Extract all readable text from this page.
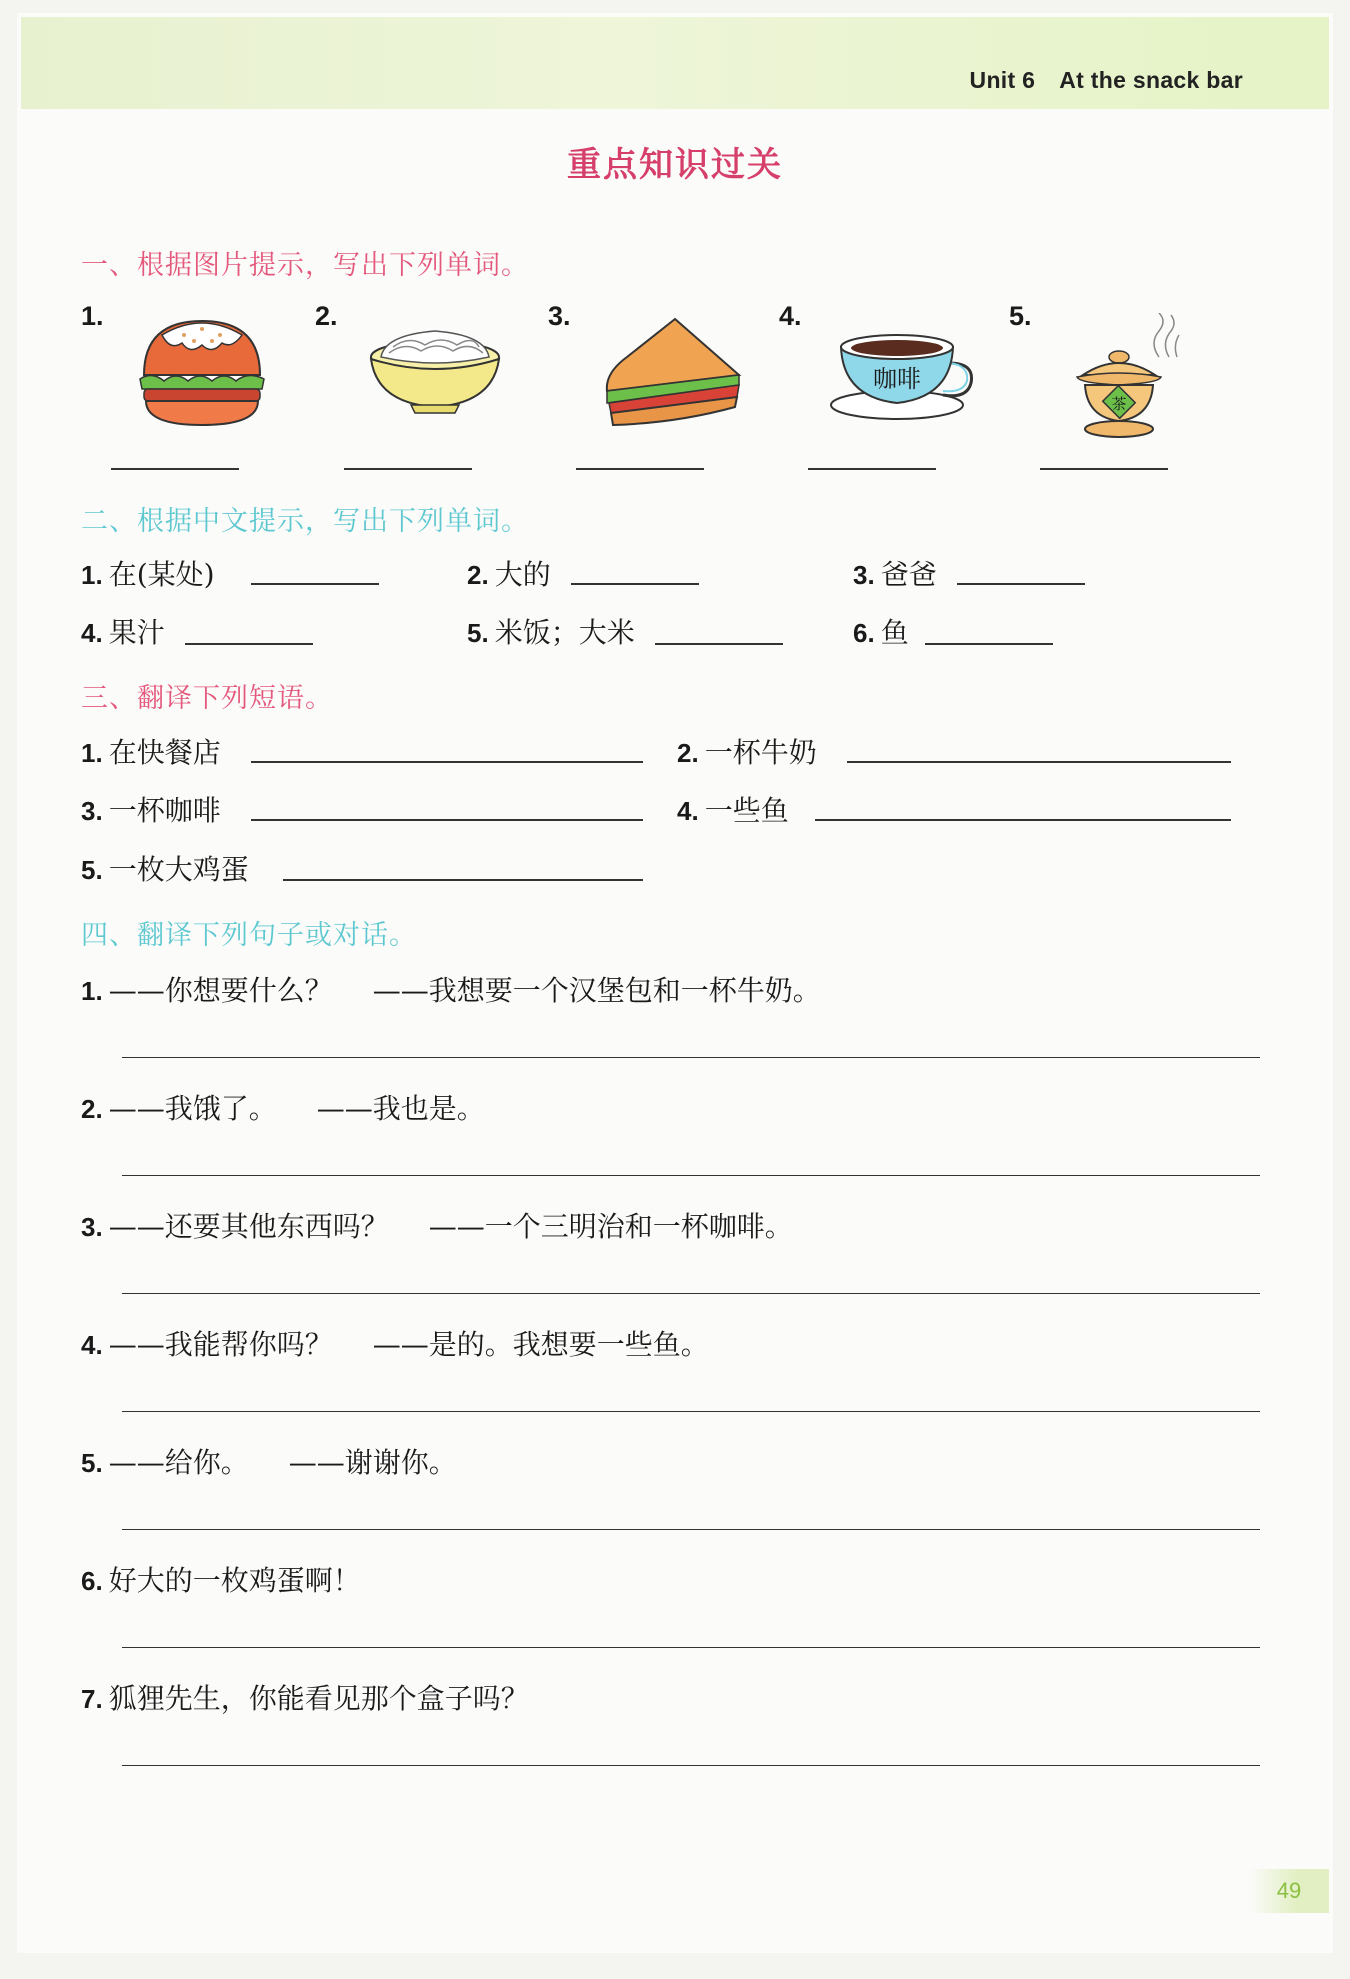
Unit 6 At the snack bar
重点知识过关
一、根据图片提示，写出下列单词。
1.	2.	3.	4.	5.
咖啡
茶
二、根据中文提示，写出下列单词。
1. 在(某处)	2. 大的	3. 爸爸
4. 果汁	5. 米饭；大米	6. 鱼
三、翻译下列短语。
1. 在快餐店	2. 一杯牛奶
3. 一杯咖啡	4. 一些鱼
5. 一枚大鸡蛋
四、翻译下列句子或对话。
1. ——你想要什么？ ——我想要一个汉堡包和一杯牛奶。
2. ——我饿了。 ——我也是。
3. ——还要其他东西吗？ ——一个三明治和一杯咖啡。
4. ——我能帮你吗？ ——是的。我想要一些鱼。
5. ——给你。 ——谢谢你。
6. 好大的一枚鸡蛋啊！
7. 狐狸先生，你能看见那个盒子吗？
49
